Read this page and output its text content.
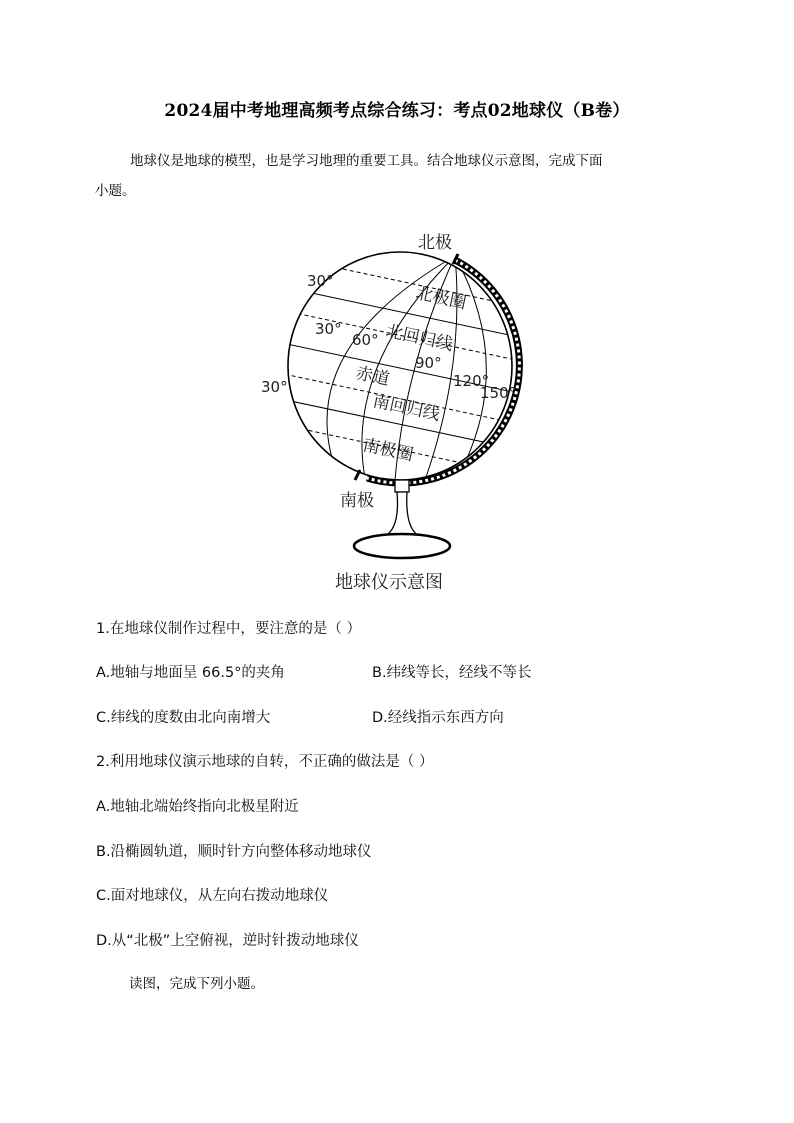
2024届中考地理高频考点综合练习：考点02地球仪（B卷）
地球仪是地球的模型，也是学习地理的重要工具。结合地球仪示意图，完成下面
小题。
北极
南极
北极圈
北回归线
赤道
南回归线
南极圈
30°
30°
30°
60°
90°
120°
150°
地球仪示意图
1.在地球仪制作过程中，要注意的是（ ）
A.地轴与地面呈 66.5°的夹角	B.纬线等长，经线不等长
C.纬线的度数由北向南增大	D.经线指示东西方向
2.利用地球仪演示地球的自转，不正确的做法是（ ）
A.地轴北端始终指向北极星附近
B.沿椭圆轨道，顺时针方向整体移动地球仪
C.面对地球仪，从左向右拨动地球仪
D.从“北极”上空俯视，逆时针拨动地球仪
读图，完成下列小题。
